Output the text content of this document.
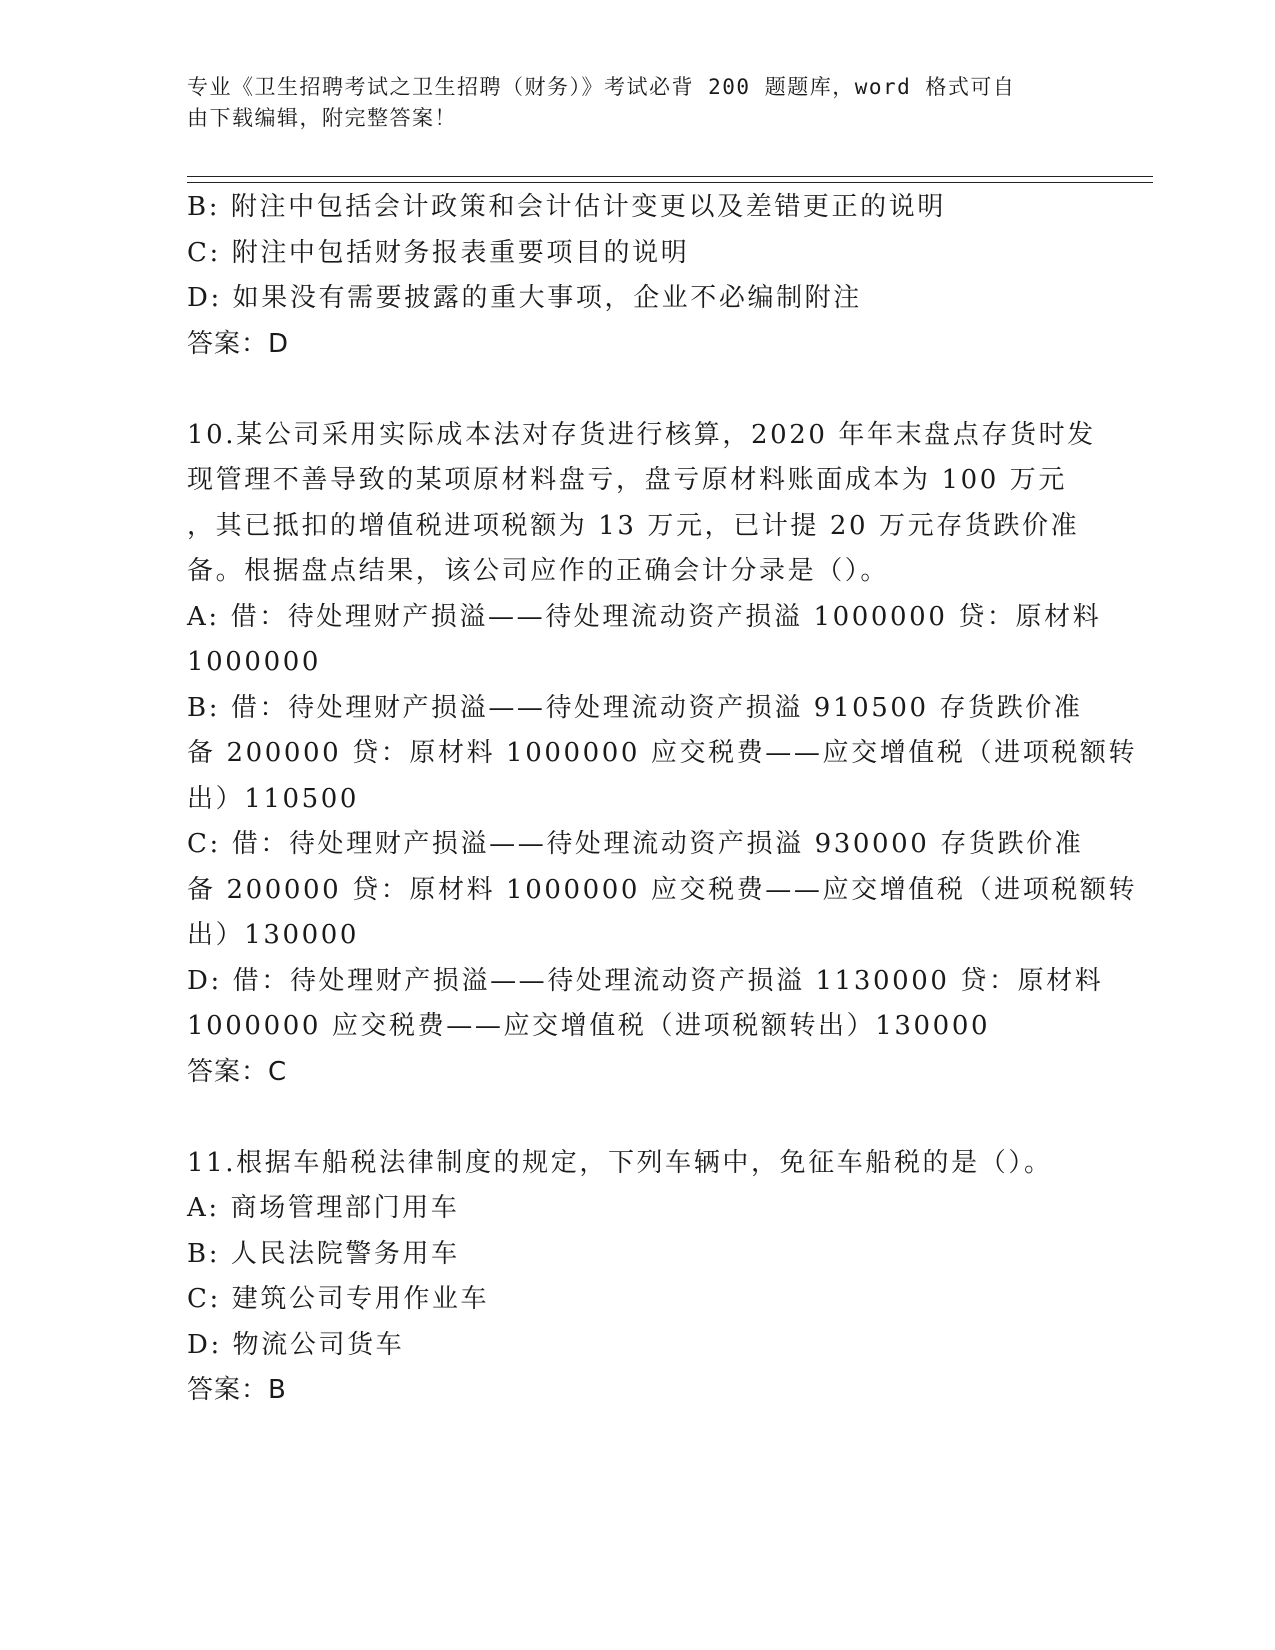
专业《卫生招聘考试之卫生招聘（财务）》考试必背 200 题题库，word 格式可自
由下载编辑，附完整答案！
B: 附注中包括会计政策和会计估计变更以及差错更正的说明
C: 附注中包括财务报表重要项目的说明
D: 如果没有需要披露的重大事项，企业不必编制附注
答案：D
10.某公司采用实际成本法对存货进行核算，2020 年年末盘点存货时发
现管理不善导致的某项原材料盘亏，盘亏原材料账面成本为 100 万元
，其已抵扣的增值税进项税额为 13 万元，已计提 20 万元存货跌价准
备。根据盘点结果，该公司应作的正确会计分录是（）。
A: 借：待处理财产损溢——待处理流动资产损溢 1000000 贷：原材料
1000000
B: 借：待处理财产损溢——待处理流动资产损溢 910500 存货跌价准
备 200000 贷：原材料 1000000 应交税费——应交增值税（进项税额转
出）110500
C: 借：待处理财产损溢——待处理流动资产损溢 930000 存货跌价准
备 200000 贷：原材料 1000000 应交税费——应交增值税（进项税额转
出）130000
D: 借：待处理财产损溢——待处理流动资产损溢 1130000 贷：原材料
1000000 应交税费——应交增值税（进项税额转出）130000
答案：C
11.根据车船税法律制度的规定，下列车辆中，免征车船税的是（）。
A: 商场管理部门用车
B: 人民法院警务用车
C: 建筑公司专用作业车
D: 物流公司货车
答案：B
